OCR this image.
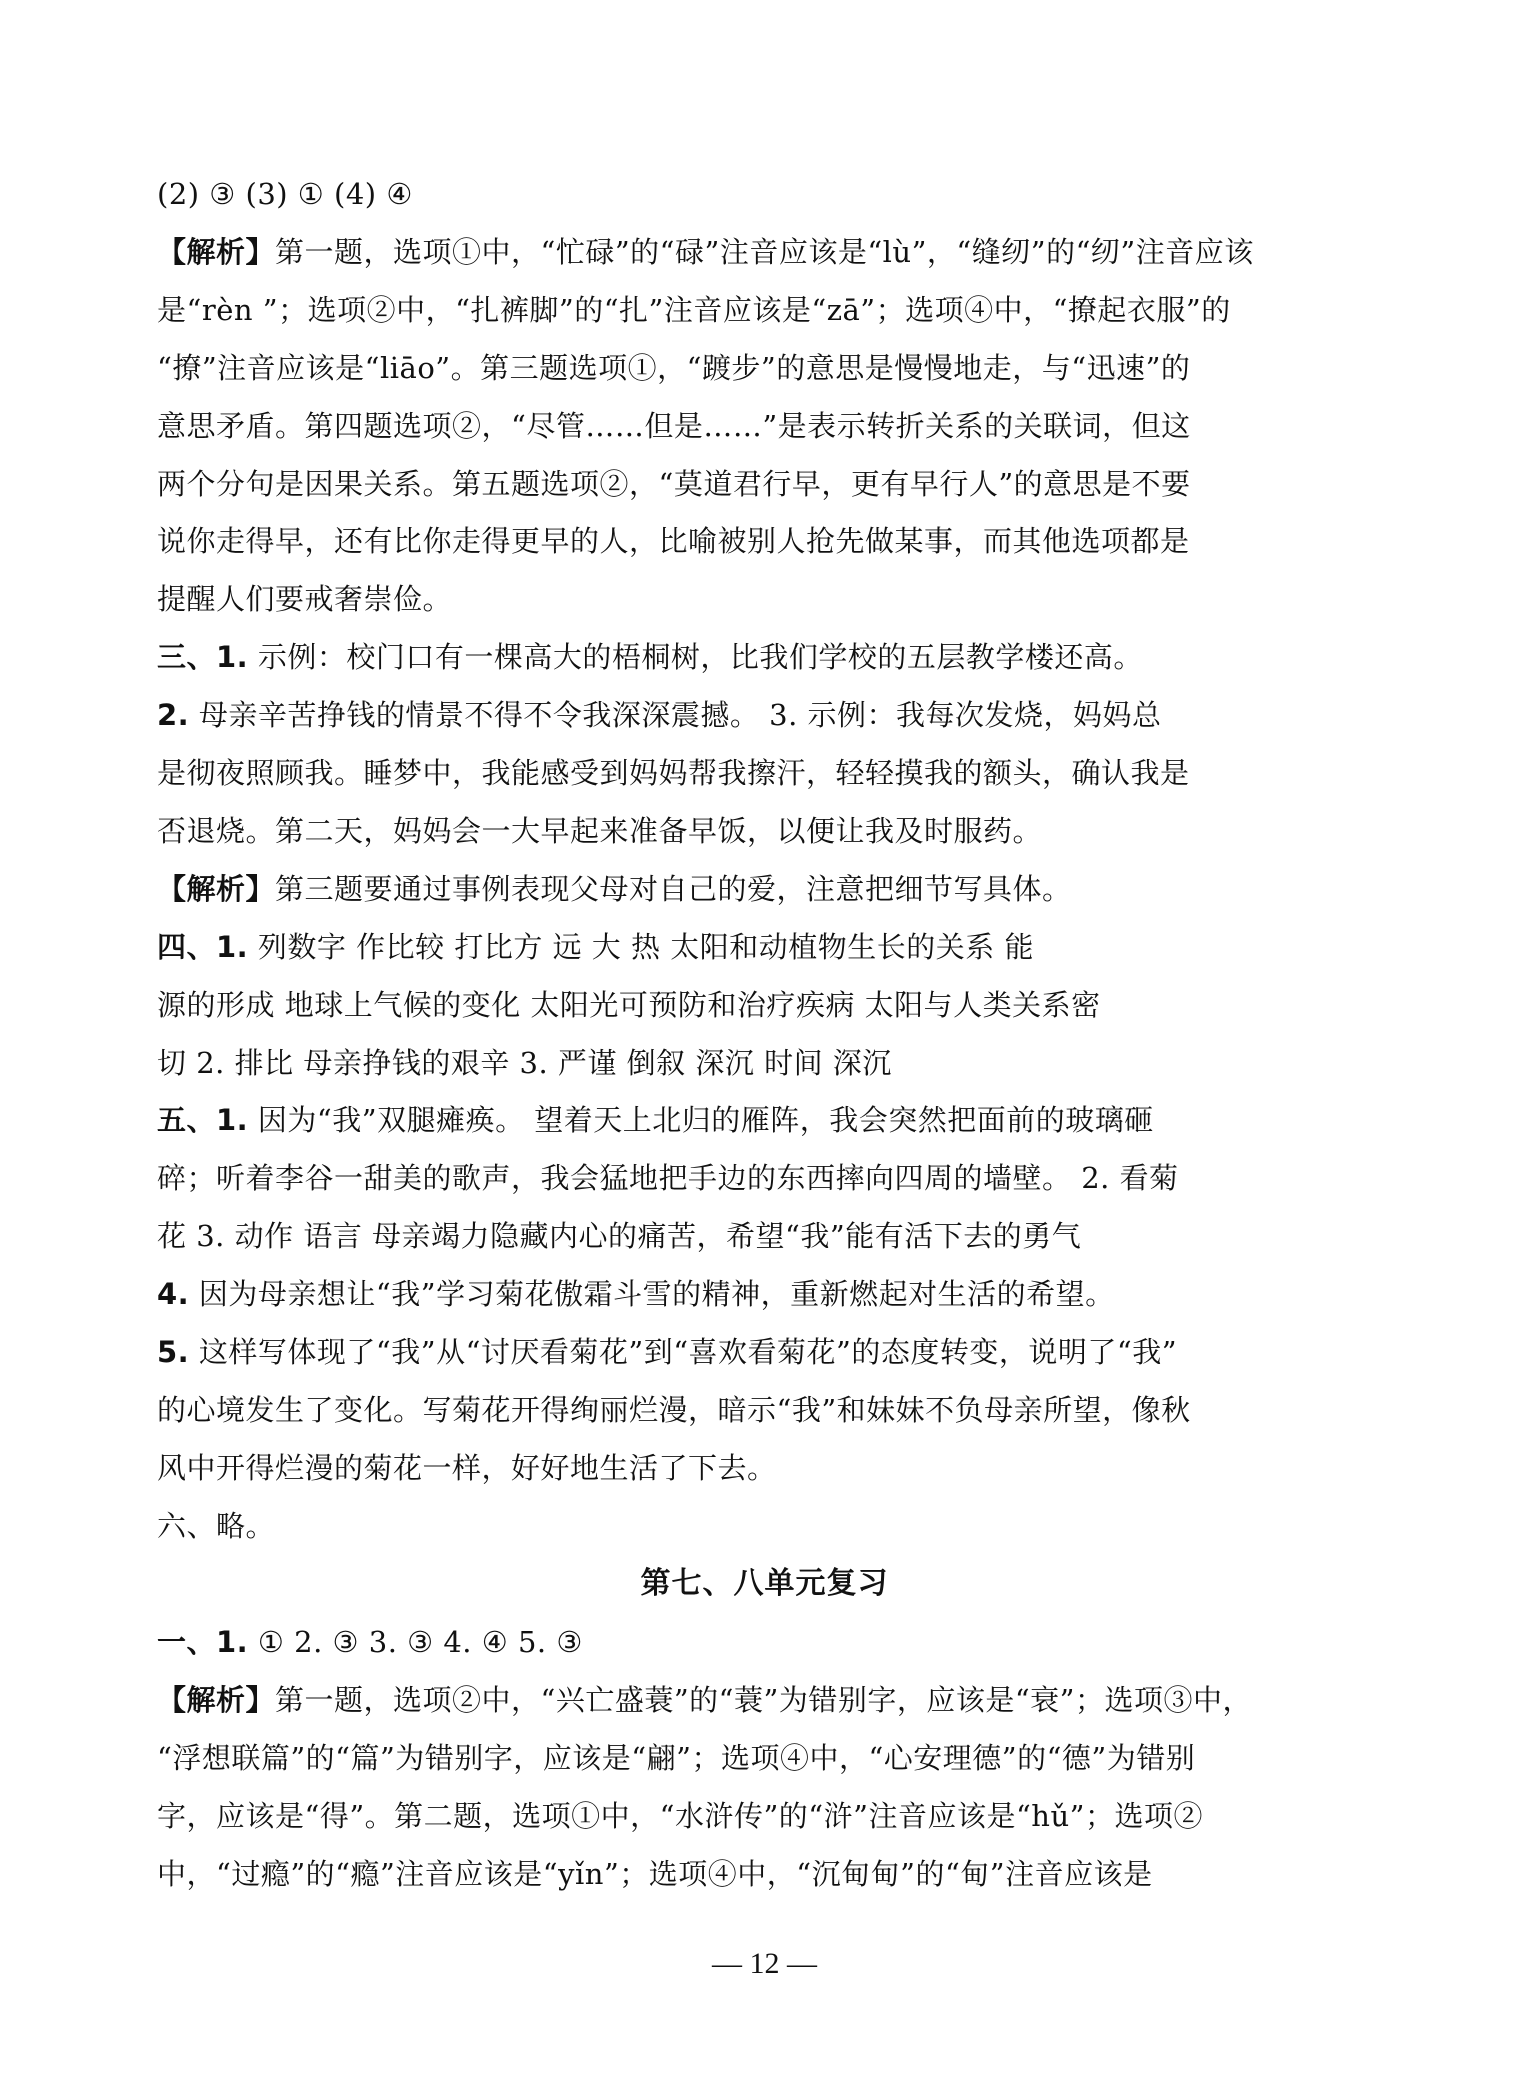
(2) ③ (3) ① (4) ④
【解析】第一题，选项①中，“忙碌”的“碌”注音应该是“lù”，“缝纫”的“纫”注音应该
是“rèn ”；选项②中，“扎裤脚”的“扎”注音应该是“zā”；选项④中，“撩起衣服”的
“撩”注音应该是“liāo”。第三题选项①，“踱步”的意思是慢慢地走，与“迅速”的
意思矛盾。第四题选项②，“尽管……但是……”是表示转折关系的关联词，但这
两个分句是因果关系。第五题选项②，“莫道君行早，更有早行人”的意思是不要
说你走得早，还有比你走得更早的人，比喻被别人抢先做某事，而其他选项都是
提醒人们要戒奢崇俭。
三、1. 示例：校门口有一棵高大的梧桐树，比我们学校的五层教学楼还高。
2. 母亲辛苦挣钱的情景不得不令我深深震撼。 3. 示例：我每次发烧，妈妈总
是彻夜照顾我。睡梦中，我能感受到妈妈帮我擦汗，轻轻摸我的额头，确认我是
否退烧。第二天，妈妈会一大早起来准备早饭，以便让我及时服药。
【解析】第三题要通过事例表现父母对自己的爱，注意把细节写具体。
四、1. 列数字 作比较 打比方 远 大 热 太阳和动植物生长的关系 能
源的形成 地球上气候的变化 太阳光可预防和治疗疾病 太阳与人类关系密
切 2. 排比 母亲挣钱的艰辛 3. 严谨 倒叙 深沉 时间 深沉
五、1. 因为“我”双腿瘫痪。 望着天上北归的雁阵，我会突然把面前的玻璃砸
碎；听着李谷一甜美的歌声，我会猛地把手边的东西摔向四周的墙壁。 2. 看菊
花 3. 动作 语言 母亲竭力隐藏内心的痛苦，希望“我”能有活下去的勇气
4. 因为母亲想让“我”学习菊花傲霜斗雪的精神，重新燃起对生活的希望。
5. 这样写体现了“我”从“讨厌看菊花”到“喜欢看菊花”的态度转变，说明了“我”
的心境发生了变化。写菊花开得绚丽烂漫，暗示“我”和妹妹不负母亲所望，像秋
风中开得烂漫的菊花一样，好好地生活了下去。
六、略。
一、1. ① 2. ③ 3. ③ 4. ④ 5. ③
【解析】第一题，选项②中，“兴亡盛蓑”的“蓑”为错别字，应该是“衰”；选项③中，
“浮想联篇”的“篇”为错别字，应该是“翩”；选项④中，“心安理德”的“德”为错别
字，应该是“得”。第二题，选项①中，“水浒传”的“浒”注音应该是“hǔ”；选项②
中，“过瘾”的“瘾”注音应该是“yǐn”；选项④中，“沉甸甸”的“甸”注音应该是
第七、八单元复习
— 12 —
